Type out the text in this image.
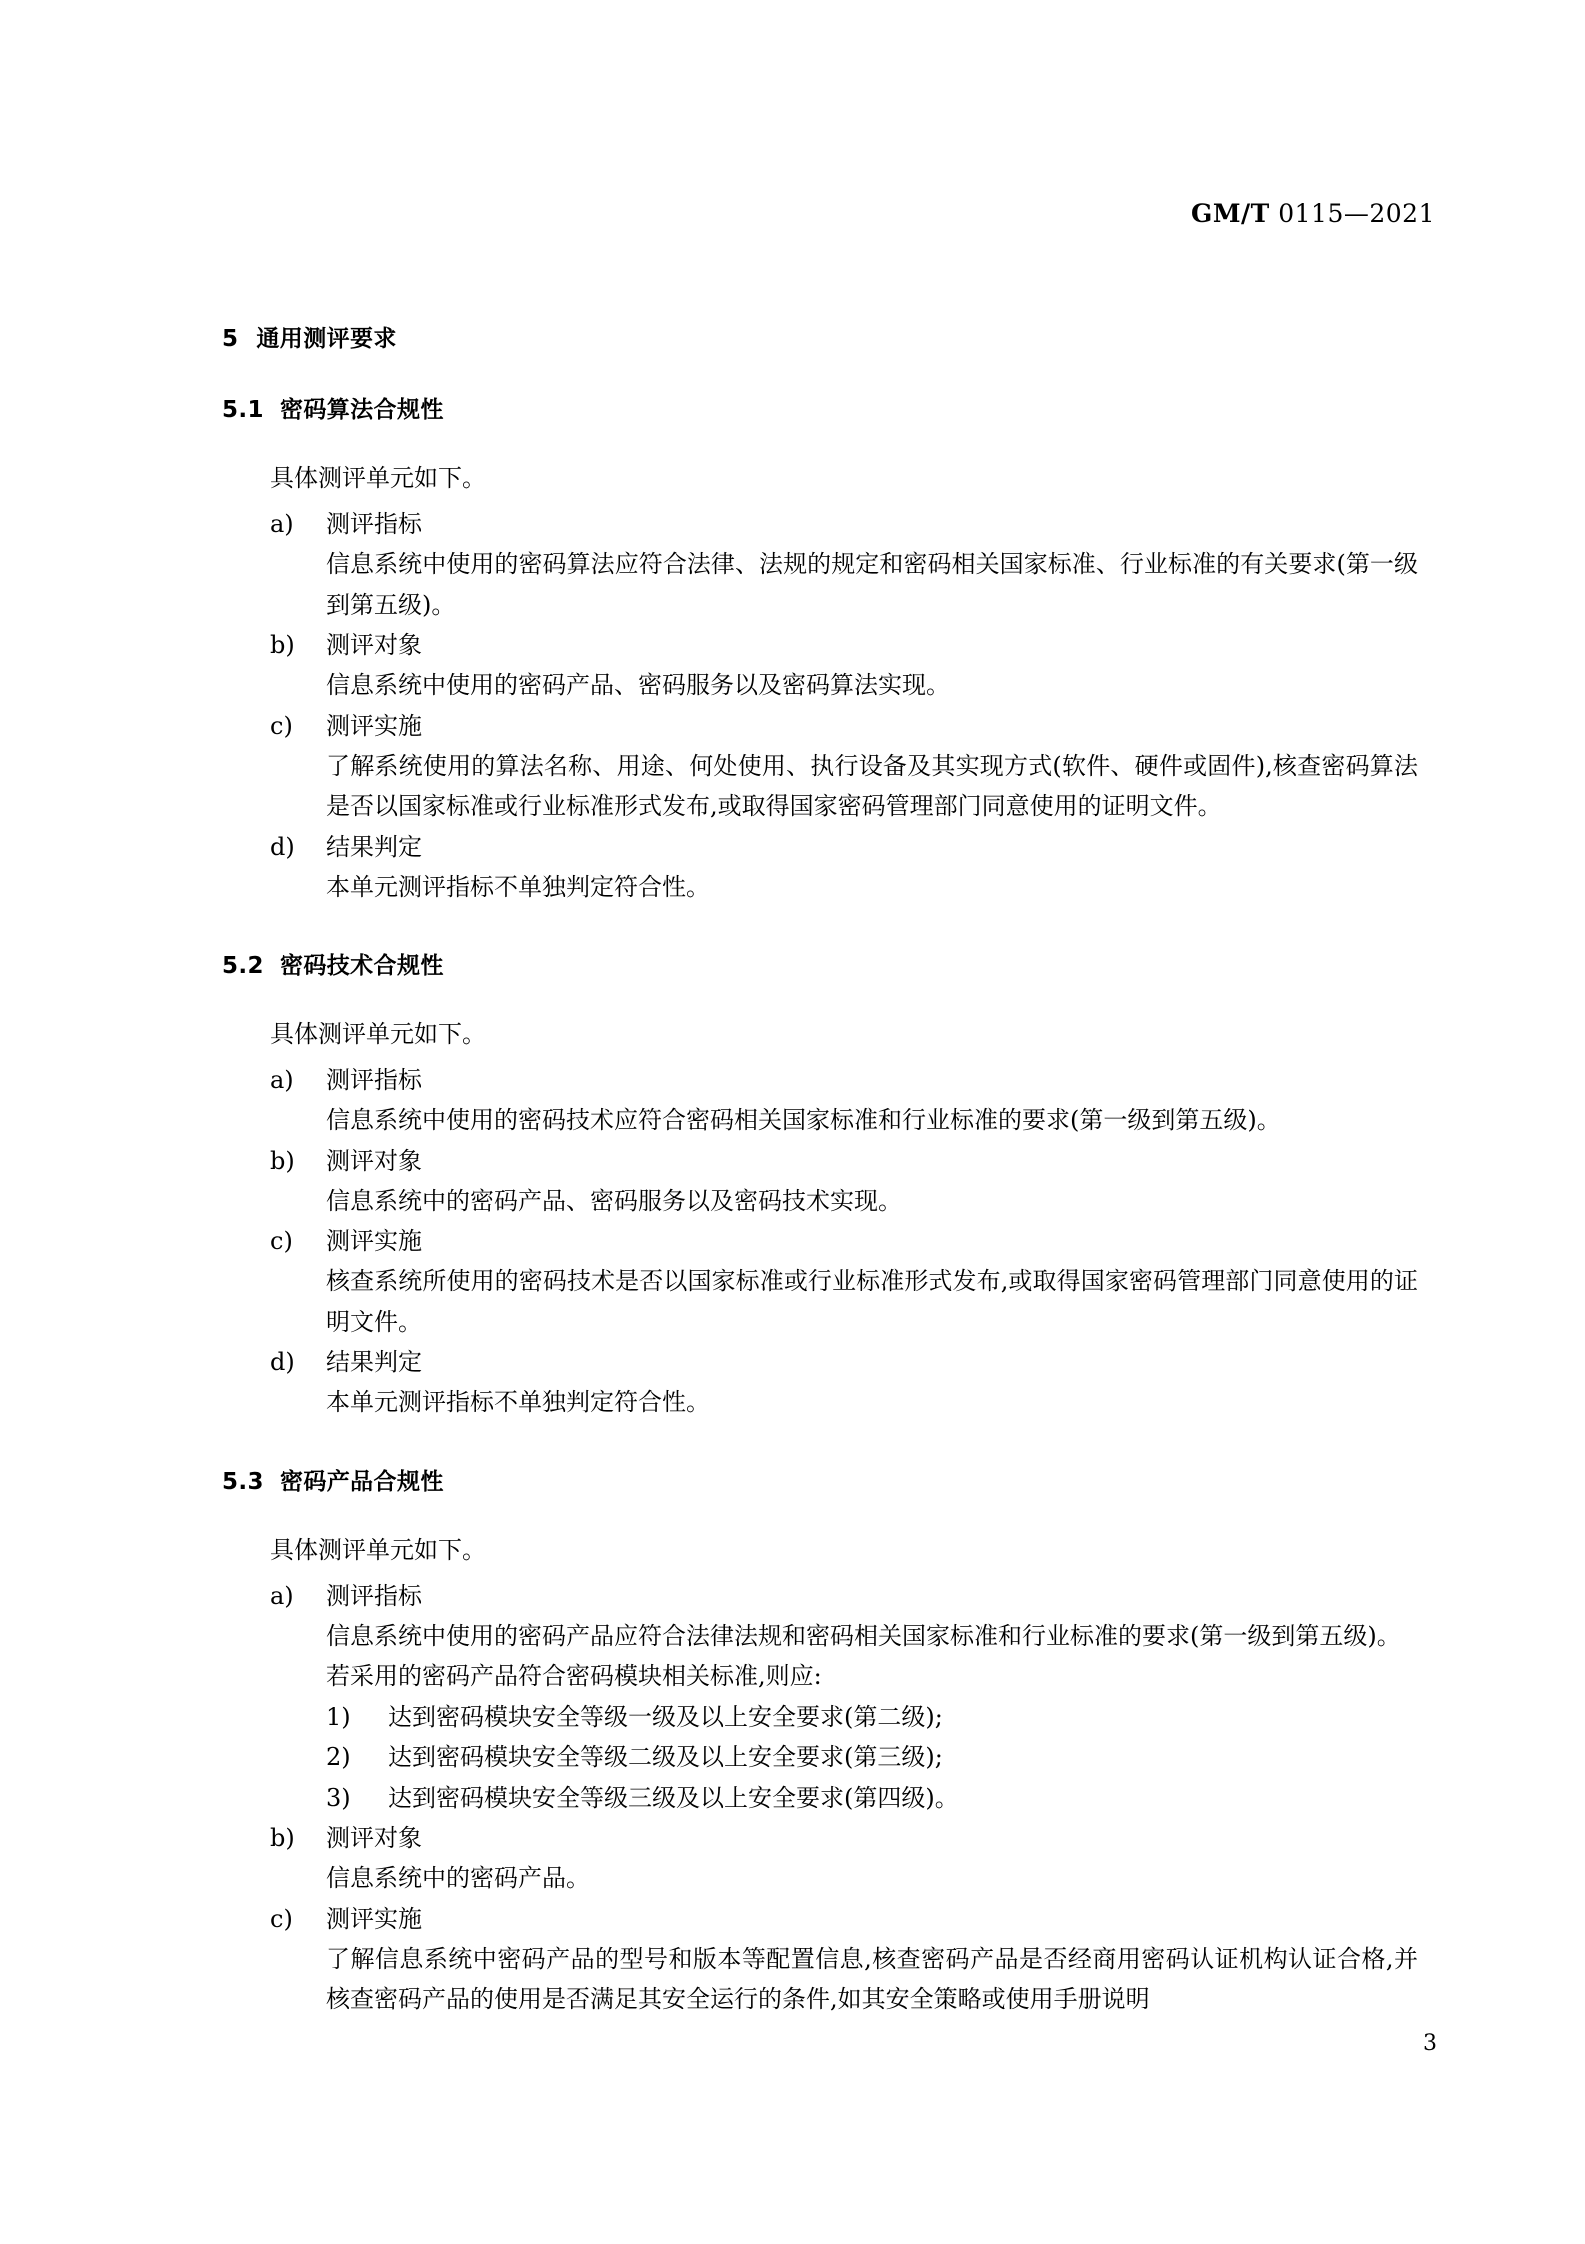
GM/T 0115—2021
5 通用测评要求
5.1 密码算法合规性

具体测评单元如下。

a)	测评指标

信息系统中使用的密码算法应符合法律、法规的规定和密码相关国家标准、行业标准的有关要求(第一级到第五级)。

b)	测评对象

信息系统中使用的密码产品、密码服务以及密码算法实现。

c)	测评实施

了解系统使用的算法名称、用途、何处使用、执行设备及其实现方式(软件、硬件或固件),核查密码算法是否以国家标准或行业标准形式发布,或取得国家密码管理部门同意使用的证明文件。

d)	结果判定

本单元测评指标不单独判定符合性。

5.2 密码技术合规性

具体测评单元如下。

a)	测评指标

信息系统中使用的密码技术应符合密码相关国家标准和行业标准的要求(第一级到第五级)。

b)	测评对象

信息系统中的密码产品、密码服务以及密码技术实现。

c)	测评实施

核查系统所使用的密码技术是否以国家标准或行业标准形式发布,或取得国家密码管理部门同意使用的证明文件。

d)	结果判定

本单元测评指标不单独判定符合性。

5.3 密码产品合规性

具体测评单元如下。

a)	测评指标

信息系统中使用的密码产品应符合法律法规和密码相关国家标准和行业标准的要求(第一级到第五级)。

若采用的密码产品符合密码模块相关标准,则应:

1)	达到密码模块安全等级一级及以上安全要求(第二级);
2)	达到密码模块安全等级二级及以上安全要求(第三级);
3)	达到密码模块安全等级三级及以上安全要求(第四级)。
b)	测评对象

信息系统中的密码产品。

c)	测评实施

了解信息系统中密码产品的型号和版本等配置信息,核查密码产品是否经商用密码认证机构认证合格,并核查密码产品的使用是否满足其安全运行的条件,如其安全策略或使用手册说明

3
